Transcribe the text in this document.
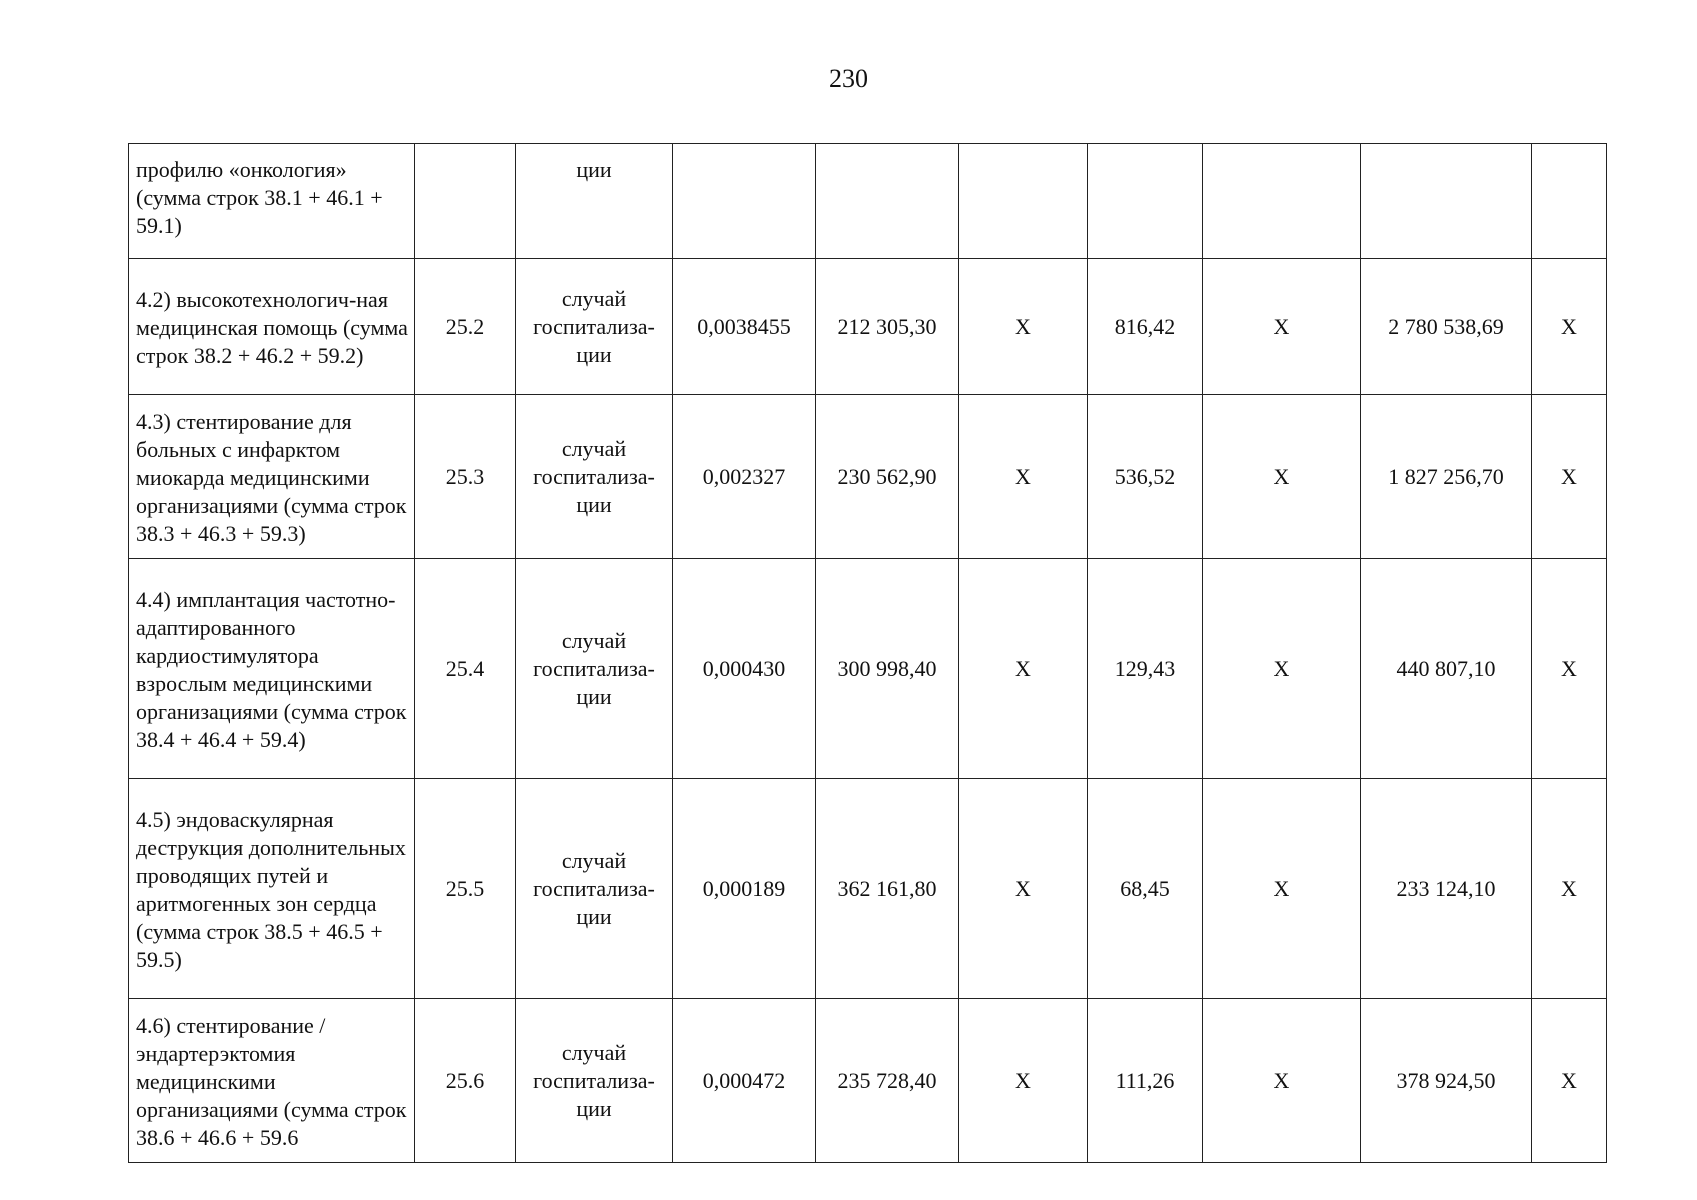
230
профилю «онкология» (сумма строк 38.1 + 46.1 + 59.1)		ции							
4.2) высокотехнологич-ная медицинская помощь (сумма строк 38.2 + 46.2 + 59.2)	25.2	случай госпитализа-ции	0,0038455	212 305,30	X	816,42	X	2 780 538,69	X
4.3) стентирование для больных с инфарктом миокарда медицинскими организациями (сумма строк 38.3 + 46.3 + 59.3)	25.3	случай госпитализа-ции	0,002327	230 562,90	X	536,52	X	1 827 256,70	X
4.4) имплантация частотно-адаптированного кардиостимулятора взрослым медицинскими организациями (сумма строк 38.4 + 46.4 + 59.4)	25.4	случай госпитализа-ции	0,000430	300 998,40	X	129,43	X	440 807,10	X
4.5) эндоваскулярная деструкция дополнительных проводящих путей и аритмогенных зон сердца (сумма строк 38.5 + 46.5 + 59.5)	25.5	случай госпитализа-ции	0,000189	362 161,80	X	68,45	X	233 124,10	X
4.6) стентирование / эндартерэктомия медицинскими организациями (сумма строк 38.6 + 46.6 + 59.6	25.6	случай госпитализа-ции	0,000472	235 728,40	X	111,26	X	378 924,50	X
